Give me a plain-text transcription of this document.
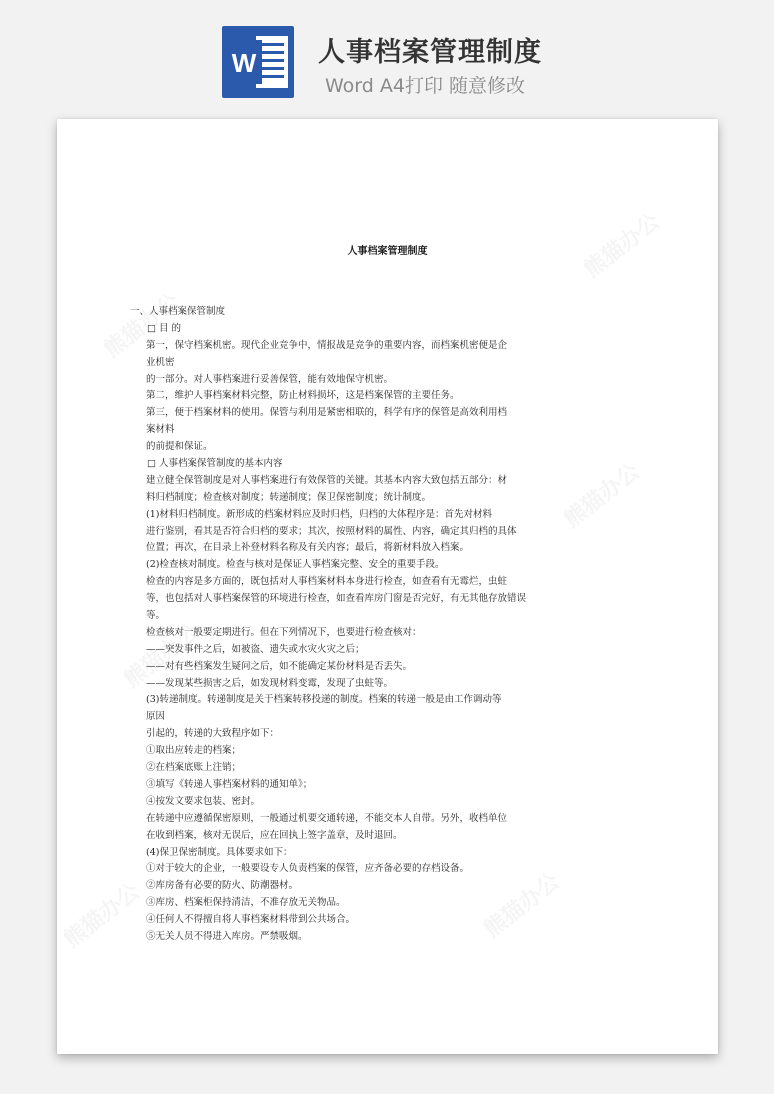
W 人事档案管理制度
Word A4打印 随意修改
人事档案管理制度
一、人事档案保管制度
□ 目 的
第一，保守档案机密。现代企业竞争中，情报战是竞争的重要内容，而档案机密便是企
业机密
的一部分。对人事档案进行妥善保管，能有效地保守机密。
第二，维护人事档案材料完整，防止材料损坏，这是档案保管的主要任务。
第三，便于档案材料的使用。保管与利用是紧密相联的，科学有序的保管是高效利用档
案材料
的前提和保证。
□ 人事档案保管制度的基本内容
建立健全保管制度是对人事档案进行有效保管的关键。其基本内容大致包括五部分：材
料归档制度；检查核对制度；转递制度；保卫保密制度；统计制度。
(1)材料归档制度。新形成的档案材料应及时归档，归档的大体程序是：首先对材料
进行鉴别，看其是否符合归档的要求；其次，按照材料的属性、内容，确定其归档的具体
位置；再次，在目录上补登材料名称及有关内容；最后，将新材料放入档案。
(2)检查核对制度。检查与核对是保证人事档案完整、安全的重要手段。
检查的内容是多方面的，既包括对人事档案材料本身进行检查，如查看有无霉烂，虫蛀
等，也包括对人事档案保管的环境进行检查，如查看库房门窗是否完好，有无其他存放错误
等。
检查核对一般要定期进行。但在下列情况下，也要进行检查核对：
——突发事件之后，如被盗、遗失或水灾火灾之后；
——对有些档案发生疑问之后，如不能确定某份材料是否丢失。
——发现某些损害之后，如发现材料变霉，发现了虫蛀等。
(3)转递制度。转递制度是关于档案转移投递的制度。档案的转递一般是由工作调动等
原因
引起的，转递的大致程序如下：
①取出应转走的档案；
②在档案底账上注销；
③填写《转递人事档案材料的通知单》；
④按发文要求包装、密封。
在转递中应遵循保密原则，一般通过机要交通转递，不能交本人自带。另外，收档单位
在收到档案，核对无误后，应在回执上签字盖章，及时退回。
(4)保卫保密制度。具体要求如下：
①对于较大的企业，一般要设专人负责档案的保管，应齐备必要的存档设备。
②库房备有必要的防火、防潮器材。
③库房、档案柜保持清洁，不准存放无关物品。
④任何人不得擅自将人事档案材料带到公共场合。
⑤无关人员不得进入库房。严禁吸烟。
